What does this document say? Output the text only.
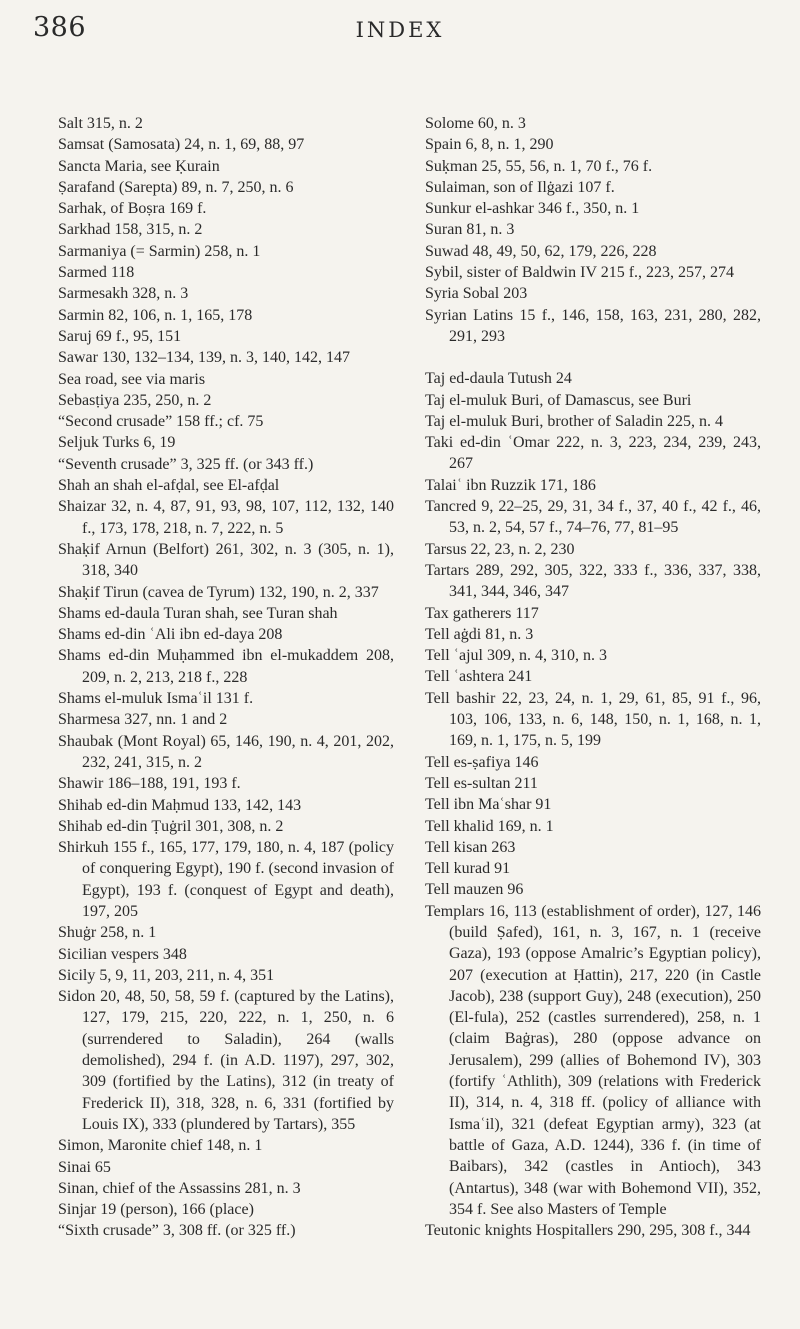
386	INDEX

Salt 315, n. 2

Samsat (Samosata) 24, n. 1, 69, 88, 97

Sancta Maria, see Ḳurain

Ṣarafand (Sarepta) 89, n. 7, 250, n. 6

Sarhak, of Boṣra 169 f.

Sarkhad 158, 315, n. 2

Sarmaniya (= Sarmin) 258, n. 1

Sarmed 118

Sarmesakh 328, n. 3

Sarmin 82, 106, n. 1, 165, 178

Saruj 69 f., 95, 151

Sawar 130, 132–134, 139, n. 3, 140, 142, 147

Sea road, see via maris

Sebasṭiya 235, 250, n. 2

“Second crusade” 158 ff.; cf. 75

Seljuk Turks 6, 19

“Seventh crusade” 3, 325 ff. (or 343 ff.)

Shah an shah el-afḍal, see El-afḍal

Shaizar 32, n. 4, 87, 91, 93, 98, 107, 112, 132, 140 f., 173, 178, 218, n. 7, 222, n. 5

Shaḳif Arnun (Belfort) 261, 302, n. 3 (305, n. 1), 318, 340

Shaḳif Tirun (cavea de Tyrum) 132, 190, n. 2, 337

Shams ed-daula Turan shah, see Turan shah

Shams ed-din ʿAli ibn ed-daya 208

Shams ed-din Muḥammed ibn el-mukaddem 208, 209, n. 2, 213, 218 f., 228

Shams el-muluk Ismaʿil 131 f.

Sharmesa 327, nn. 1 and 2

Shaubak (Mont Royal) 65, 146, 190, n. 4, 201, 202, 232, 241, 315, n. 2

Shawir 186–188, 191, 193 f.

Shihab ed-din Maḥmud 133, 142, 143

Shihab ed-din Ṭuġril 301, 308, n. 2

Shirkuh 155 f., 165, 177, 179, 180, n. 4, 187 (policy of conquering Egypt), 190 f. (second invasion of Egypt), 193 f. (conquest of Egypt and death), 197, 205

Shuġr 258, n. 1

Sicilian vespers 348

Sicily 5, 9, 11, 203, 211, n. 4, 351

Sidon 20, 48, 50, 58, 59 f. (captured by the Latins), 127, 179, 215, 220, 222, n. 1, 250, n. 6 (surrendered to Saladin), 264 (walls demolished), 294 f. (in A.D. 1197), 297, 302, 309 (fortified by the Latins), 312 (in treaty of Frederick II), 318, 328, n. 6, 331 (fortified by Louis IX), 333 (plundered by Tartars), 355

Simon, Maronite chief 148, n. 1

Sinai 65

Sinan, chief of the Assassins 281, n. 3

Sinjar 19 (person), 166 (place)

“Sixth crusade” 3, 308 ff. (or 325 ff.)

Solome 60, n. 3

Spain 6, 8, n. 1, 290

Suḳman 25, 55, 56, n. 1, 70 f., 76 f.

Sulaiman, son of Ilġazi 107 f.

Sunkur el-ashkar 346 f., 350, n. 1

Suran 81, n. 3

Suwad 48, 49, 50, 62, 179, 226, 228

Sybil, sister of Baldwin IV 215 f., 223, 257, 274

Syria Sobal 203

Syrian Latins 15 f., 146, 158, 163, 231, 280, 282, 291, 293

Taj ed-daula Tutush 24

Taj el-muluk Buri, of Damascus, see Buri

Taj el-muluk Buri, brother of Saladin 225, n. 4

Taki ed-din ʿOmar 222, n. 3, 223, 234, 239, 243, 267

Talaiʿ ibn Ruzzik 171, 186

Tancred 9, 22–25, 29, 31, 34 f., 37, 40 f., 42 f., 46, 53, n. 2, 54, 57 f., 74–76, 77, 81–95

Tarsus 22, 23, n. 2, 230

Tartars 289, 292, 305, 322, 333 f., 336, 337, 338, 341, 344, 346, 347

Tax gatherers 117

Tell aġdi 81, n. 3

Tell ʿajul 309, n. 4, 310, n. 3

Tell ʿashtera 241

Tell bashir 22, 23, 24, n. 1, 29, 61, 85, 91 f., 96, 103, 106, 133, n. 6, 148, 150, n. 1, 168, n. 1, 169, n. 1, 175, n. 5, 199

Tell es-ṣafiya 146

Tell es-sultan 211

Tell ibn Maʿshar 91

Tell khalid 169, n. 1

Tell kisan 263

Tell kurad 91

Tell mauzen 96

Templars 16, 113 (establishment of order), 127, 146 (build Ṣafed), 161, n. 3, 167, n. 1 (receive Gaza), 193 (oppose Amalric’s Egyptian policy), 207 (execution at Ḥattin), 217, 220 (in Castle Jacob), 238 (support Guy), 248 (execution), 250 (El-fula), 252 (castles surrendered), 258, n. 1 (claim Baġras), 280 (oppose advance on Jerusalem), 299 (allies of Bohemond IV), 303 (fortify ʿAthlith), 309 (relations with Frederick II), 314, n. 4, 318 ff. (policy of alliance with Ismaʿil), 321 (defeat Egyptian army), 323 (at battle of Gaza, A.D. 1244), 336 f. (in time of Baibars), 342 (castles in Antioch), 343 (Antartus), 348 (war with Bohemond VII), 352, 354 f. See also Masters of Temple

Teutonic knights Hospitallers 290, 295, 308 f., 344
